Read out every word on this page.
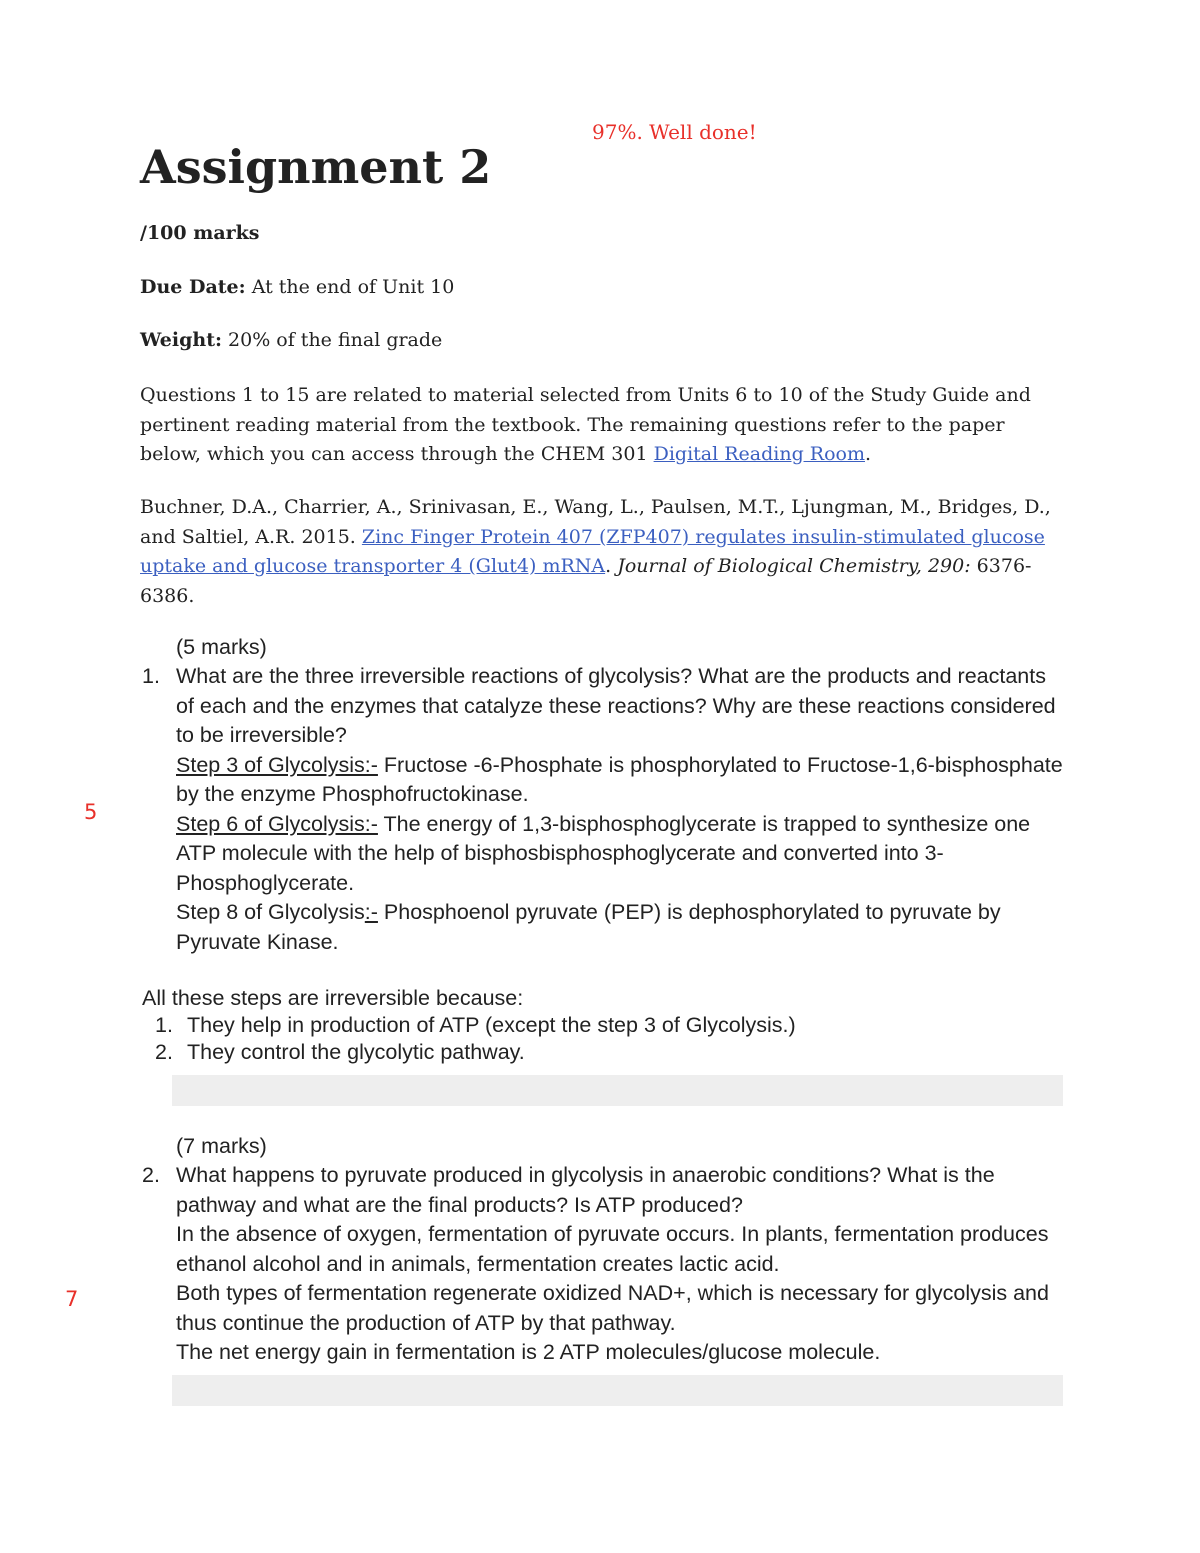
97%. Well done!
Assignment 2
/100 marks
Due Date: At the end of Unit 10
Weight: 20% of the final grade
Questions 1 to 15 are related to material selected from Units 6 to 10 of the Study Guide and pertinent reading material from the textbook. The remaining questions refer to the paper below, which you can access through the CHEM 301 Digital Reading Room.
Buchner, D.A., Charrier, A., Srinivasan, E., Wang, L., Paulsen, M.T., Ljungman, M., Bridges, D., and Saltiel, A.R. 2015. Zinc Finger Protein 407 (ZFP407) regulates insulin-stimulated glucose uptake and glucose transporter 4 (Glut4) mRNA. Journal of Biological Chemistry, 290: 6376-6386.
(5 marks)
1. What are the three irreversible reactions of glycolysis? What are the products and reactants of each and the enzymes that catalyze these reactions? Why are these reactions considered to be irreversible?
Step 3 of Glycolysis:- Fructose -6-Phosphate is phosphorylated to Fructose-1,6-bisphosphate by the enzyme Phosphofructokinase.
Step 6 of Glycolysis:- The energy of 1,3-bisphosphoglycerate is trapped to synthesize one ATP molecule with the help of bisphosbisphosphoglycerate and converted into 3-Phosphoglycerate.
Step 8 of Glycolysis:- Phosphoenol pyruvate (PEP) is dephosphorylated to pyruvate by Pyruvate Kinase.
5
All these steps are irreversible because:
1. They help in production of ATP (except the step 3 of Glycolysis.)
2. They control the glycolytic pathway.
(7 marks)
2. What happens to pyruvate produced in glycolysis in anaerobic conditions? What is the pathway and what are the final products? Is ATP produced?
In the absence of oxygen, fermentation of pyruvate occurs. In plants, fermentation produces ethanol alcohol and in animals, fermentation creates lactic acid.
Both types of fermentation regenerate oxidized NAD+, which is necessary for glycolysis and thus continue the production of ATP by that pathway.
The net energy gain in fermentation is 2 ATP molecules/glucose molecule.
7
